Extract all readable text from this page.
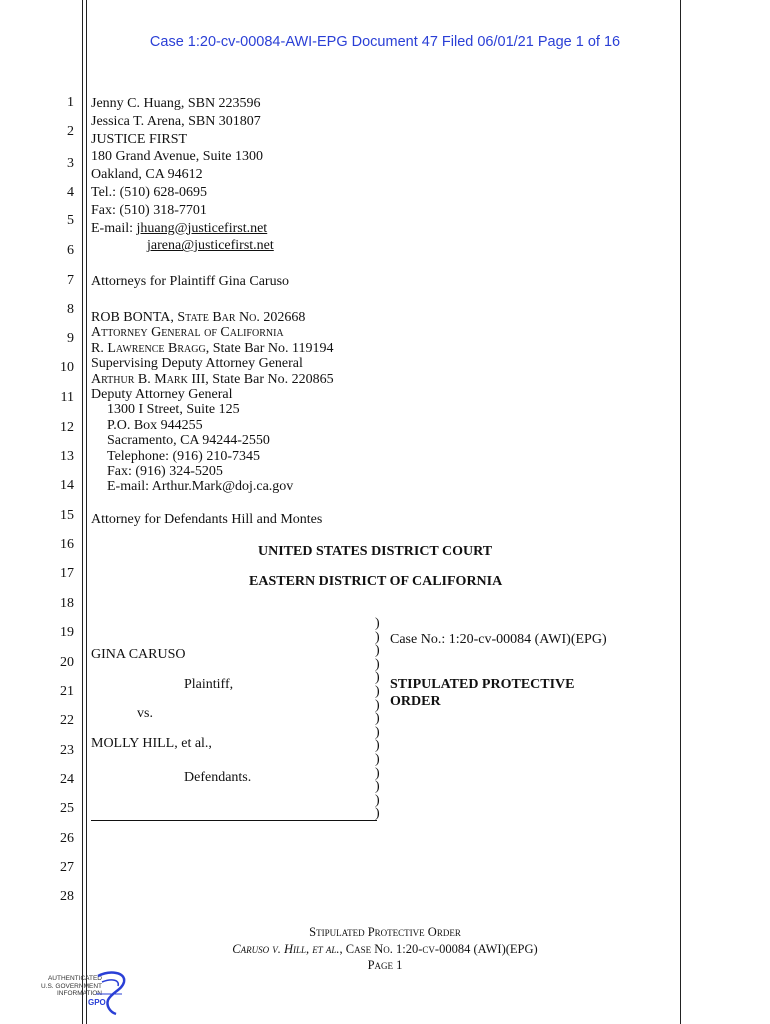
Case 1:20-cv-00084-AWI-EPG Document 47 Filed 06/01/21 Page 1 of 16
1
2
3
4
5
6
7
8
9
10
11
12
13
14
15
16
17
18
19
20
21
22
23
24
25
26
27
28
Jenny C. Huang, SBN 223596
Jessica T. Arena, SBN 301807
JUSTICE FIRST
180 Grand Avenue, Suite 1300
Oakland, CA 94612
Tel.: (510) 628-0695
Fax: (510) 318-7701
E-mail: jhuang@justicefirst.net
jarena@justicefirst.net
Attorneys for Plaintiff Gina Caruso
ROB BONTA, State Bar No. 202668
Attorney General of California
R. Lawrence Bragg, State Bar No. 119194
Supervising Deputy Attorney General
Arthur B. Mark III, State Bar No. 220865
Deputy Attorney General
1300 I Street, Suite 125
P.O. Box 944255
Sacramento, CA 94244-2550
Telephone: (916) 210-7345
Fax: (916) 324-5205
E-mail: Arthur.Mark@doj.ca.gov
Attorney for Defendants Hill and Montes
UNITED STATES DISTRICT COURT
EASTERN DISTRICT OF CALIFORNIA
GINA CARUSO
Plaintiff,
vs.
MOLLY HILL, et al.,
Defendants.
)
)
)
)
)
)
)
)
)
)
)
)
)
)
)
Case No.: 1:20-cv-00084 (AWI)(EPG)
STIPULATED PROTECTIVE
ORDER
Stipulated Protective Order
Caruso v. Hill, et al., Case No. 1:20-cv-00084 (AWI)(EPG)
Page 1
AUTHENTICATED
U.S. GOVERNMENT
INFORMATION
GPO
